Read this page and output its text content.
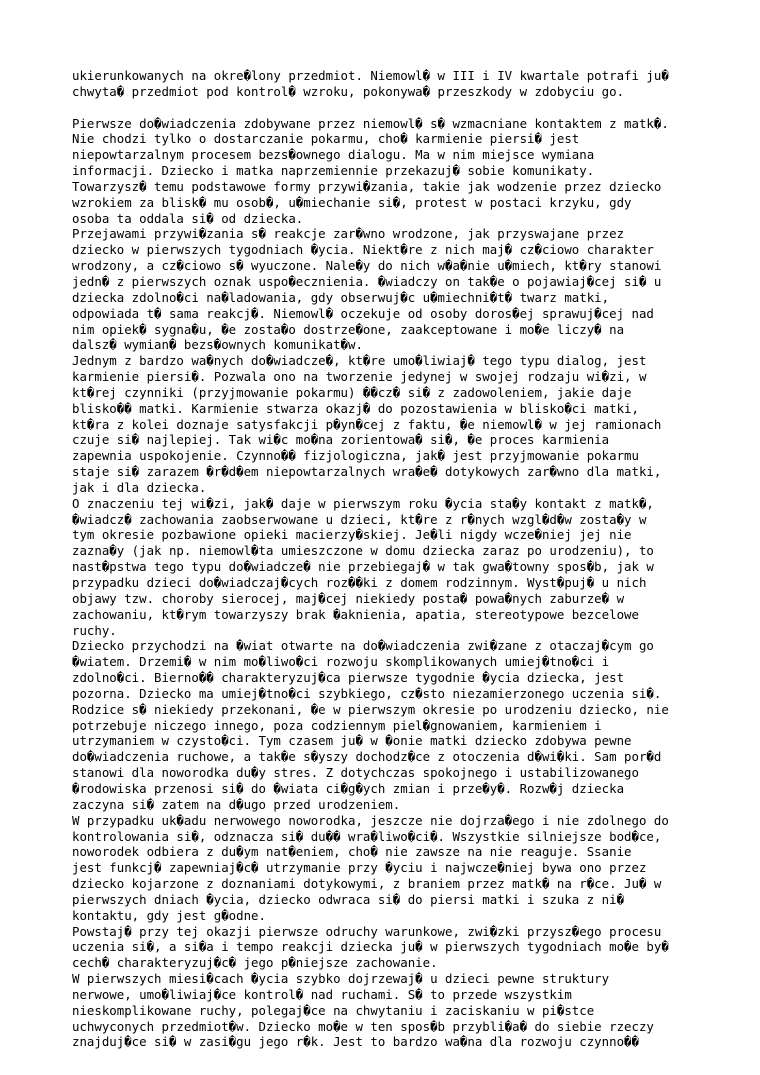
ukierunkowanych na okre�lony przedmiot. Niemowl� w III i IV kwartale potrafi ju�
chwyta� przedmiot pod kontrol� wzroku, pokonywa� przeszkody w zdobyciu go.
Pierwsze do�wiadczenia zdobywane przez niemowl� s� wzmacniane kontaktem z matk�.
Nie chodzi tylko o dostarczanie pokarmu, cho� karmienie piersi� jest
niepowtarzalnym procesem bezs�ownego dialogu. Ma w nim miejsce wymiana
informacji. Dziecko i matka naprzemiennie przekazuj� sobie komunikaty.
Towarzysz� temu podstawowe formy przywi�zania, takie jak wodzenie przez dziecko
wzrokiem za blisk� mu osob�, u�miechanie si�, protest w postaci krzyku, gdy
osoba ta oddala si� od dziecka.
Przejawami przywi�zania s� reakcje zar�wno wrodzone, jak przyswajane przez
dziecko w pierwszych tygodniach �ycia. Niekt�re z nich maj� cz�ciowo charakter
wrodzony, a cz�ciowo s� wyuczone. Nale�y do nich w�a�nie u�miech, kt�ry stanowi
jedn� z pierwszych oznak uspo�ecznienia. �wiadczy on tak�e o pojawiaj�cej si� u
dziecka zdolno�ci na�ladowania, gdy obserwuj�c u�miechni�t� twarz matki,
odpowiada t� sama reakcj�. Niemowl� oczekuje od osoby doros�ej sprawuj�cej nad
nim opiek� sygna�u, �e zosta�o dostrze�one, zaakceptowane i mo�e liczy� na
dalsz� wymian� bezs�ownych komunikat�w.
Jednym z bardzo wa�nych do�wiadcze�, kt�re umo�liwiaj� tego typu dialog, jest
karmienie piersi�. Pozwala ono na tworzenie jedynej w swojej rodzaju wi�zi, w
kt�rej czynniki (przyjmowanie pokarmu) ��cz� si� z zadowoleniem, jakie daje
blisko�� matki. Karmienie stwarza okazj� do pozostawienia w blisko�ci matki,
kt�ra z kolei doznaje satysfakcji p�yn�cej z faktu, �e niemowl� w jej ramionach
czuje si� najlepiej. Tak wi�c mo�na zorientowa� si�, �e proces karmienia
zapewnia uspokojenie. Czynno�� fizjologiczna, jak� jest przyjmowanie pokarmu
staje si� zarazem �r�d�em niepowtarzalnych wra�e� dotykowych zar�wno dla matki,
jak i dla dziecka.
O znaczeniu tej wi�zi, jak� daje w pierwszym roku �ycia sta�y kontakt z matk�,
�wiadcz� zachowania zaobserwowane u dzieci, kt�re z r�nych wzgl�d�w zosta�y w
tym okresie pozbawione opieki macierzy�skiej. Je�li nigdy wcze�niej jej nie
zazna�y (jak np. niemowl�ta umieszczone w domu dziecka zaraz po urodzeniu), to
nast�pstwa tego typu do�wiadcze� nie przebiegaj� w tak gwa�towny spos�b, jak w
przypadku dzieci do�wiadczaj�cych roz��ki z domem rodzinnym. Wyst�puj� u nich
objawy tzw. choroby sierocej, maj�cej niekiedy posta� powa�nych zaburze� w
zachowaniu, kt�rym towarzyszy brak �aknienia, apatia, stereotypowe bezcelowe
ruchy.
Dziecko przychodzi na �wiat otwarte na do�wiadczenia zwi�zane z otaczaj�cym go
�wiatem. Drzemi� w nim mo�liwo�ci rozwoju skomplikowanych umiej�tno�ci i
zdolno�ci. Bierno�� charakteryzuj�ca pierwsze tygodnie �ycia dziecka, jest
pozorna. Dziecko ma umiej�tno�ci szybkiego, cz�sto niezamierzonego uczenia si�.
Rodzice s� niekiedy przekonani, �e w pierwszym okresie po urodzeniu dziecko, nie
potrzebuje niczego innego, poza codziennym piel�gnowaniem, karmieniem i
utrzymaniem w czysto�ci. Tym czasem ju� w �onie matki dziecko zdobywa pewne
do�wiadczenia ruchowe, a tak�e s�yszy dochodz�ce z otoczenia d�wi�ki. Sam por�d
stanowi dla noworodka du�y stres. Z dotychczas spokojnego i ustabilizowanego
�rodowiska przenosi si� do �wiata ci�g�ych zmian i prze�y�. Rozw�j dziecka
zaczyna si� zatem na d�ugo przed urodzeniem.
W przypadku uk�adu nerwowego noworodka, jeszcze nie dojrza�ego i nie zdolnego do
kontrolowania si�, odznacza si� du�� wra�liwo�ci�. Wszystkie silniejsze bod�ce,
noworodek odbiera z du�ym nat�eniem, cho� nie zawsze na nie reaguje. Ssanie
jest funkcj� zapewniaj�c� utrzymanie przy �yciu i najwcze�niej bywa ono przez
dziecko kojarzone z doznaniami dotykowymi, z braniem przez matk� na r�ce. Ju� w
pierwszych dniach �ycia, dziecko odwraca si� do piersi matki i szuka z ni�
kontaktu, gdy jest g�odne.
Powstaj� przy tej okazji pierwsze odruchy warunkowe, zwi�zki przysz�ego procesu
uczenia si�, a si�a i tempo reakcji dziecka ju� w pierwszych tygodniach mo�e by�
cech� charakteryzuj�c� jego p�niejsze zachowanie.
W pierwszych miesi�cach �ycia szybko dojrzewaj� u dzieci pewne struktury
nerwowe, umo�liwiaj�ce kontrol� nad ruchami. S� to przede wszystkim
nieskomplikowane ruchy, polegaj�ce na chwytaniu i zaciskaniu w pi�stce
uchwyconych przedmiot�w. Dziecko mo�e w ten spos�b przybli�a� do siebie rzeczy
znajduj�ce si� w zasi�gu jego r�k. Jest to bardzo wa�na dla rozwoju czynno��
